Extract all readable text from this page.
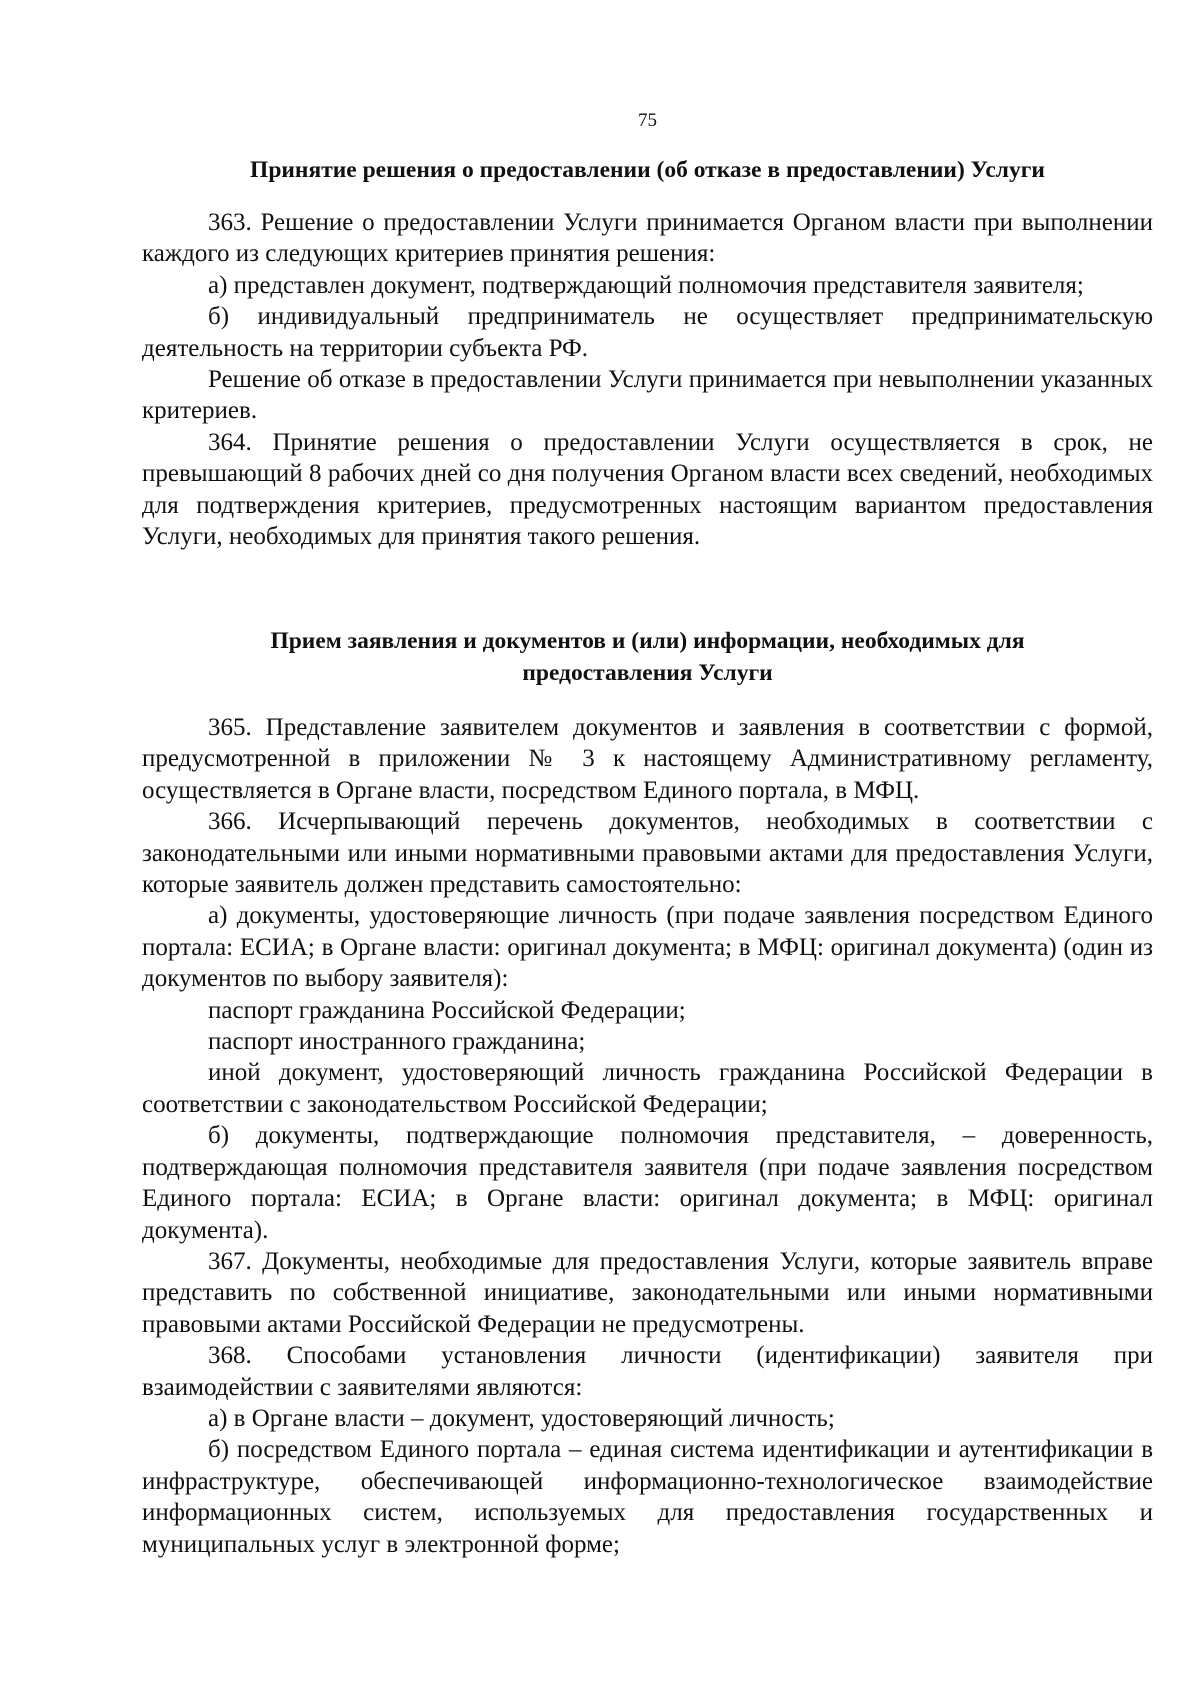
75
Принятие решения о предоставлении (об отказе в предоставлении) Услуги

363. Решение о предоставлении Услуги принимается Органом власти при выполнении каждого из следующих критериев принятия решения:

а) представлен документ, подтверждающий полномочия представителя заявителя;

б) индивидуальный предприниматель не осуществляет предпринимательскую деятельность на территории субъекта РФ.

Решение об отказе в предоставлении Услуги принимается при невыполнении указанных критериев.

364. Принятие решения о предоставлении Услуги осуществляется в срок, не превышающий 8 рабочих дней со дня получения Органом власти всех сведений, необходимых для подтверждения критериев, предусмотренных настоящим вариантом предоставления Услуги, необходимых для принятия такого решения.

Прием заявления и документов и (или) информации, необходимых для
предоставления Услуги

365. Представление заявителем документов и заявления в соответствии с формой, предусмотренной в приложении № 3 к настоящему Административному регламенту, осуществляется в Органе власти, посредством Единого портала, в МФЦ.

366. Исчерпывающий перечень документов, необходимых в соответствии с законодательными или иными нормативными правовыми актами для предоставления Услуги, которые заявитель должен представить самостоятельно:

а) документы, удостоверяющие личность (при подаче заявления посредством Единого портала: ЕСИА; в Органе власти: оригинал документа; в МФЦ: оригинал документа) (один из документов по выбору заявителя):

паспорт гражданина Российской Федерации;

паспорт иностранного гражданина;

иной документ, удостоверяющий личность гражданина Российской Федерации в соответствии с законодательством Российской Федерации;

б) документы, подтверждающие полномочия представителя, – доверенность, подтверждающая полномочия представителя заявителя (при подаче заявления посредством Единого портала: ЕСИА; в Органе власти: оригинал документа; в МФЦ: оригинал документа).

367. Документы, необходимые для предоставления Услуги, которые заявитель вправе представить по собственной инициативе, законодательными или иными нормативными правовыми актами Российской Федерации не предусмотрены.

368. Способами установления личности (идентификации) заявителя при взаимодействии с заявителями являются:

а) в Органе власти – документ, удостоверяющий личность;

б) посредством Единого портала – единая система идентификации и аутентификации в инфраструктуре, обеспечивающей информационно-технологическое взаимодействие информационных систем, используемых для предоставления государственных и муниципальных услуг в электронной форме;
